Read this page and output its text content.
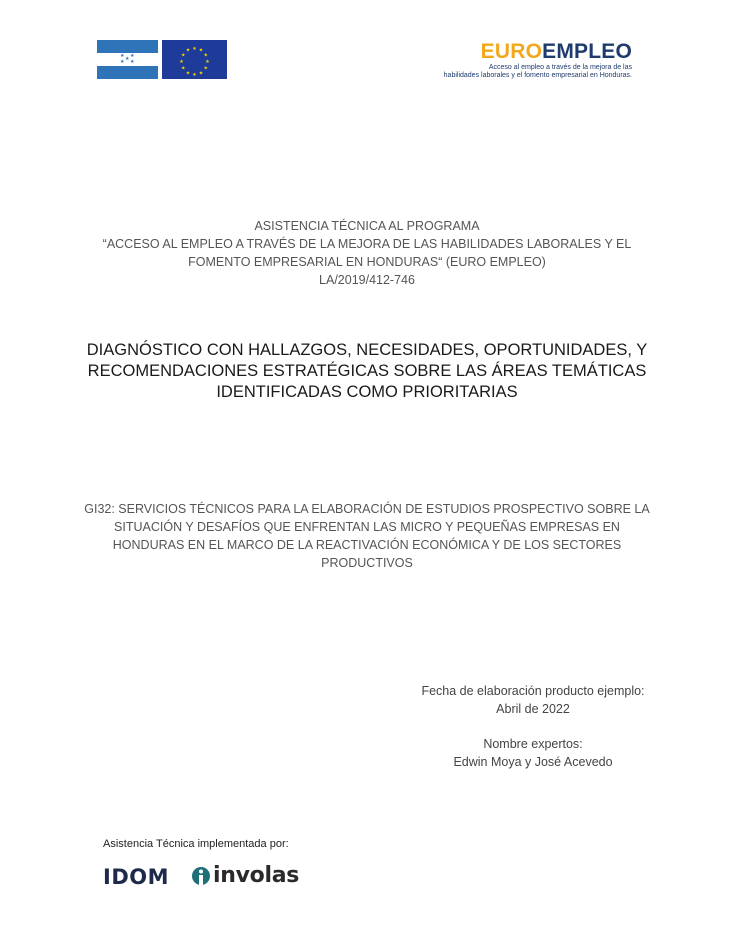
★ ★
★
★ ★
★ ★
★
★
★
★
★
★
★
★
★
★	EUROEMPLEO
Acceso al empleo a través de la mejora de las
habilidades laborales y el fomento empresarial en Honduras.
ASISTENCIA TÉCNICA AL PROGRAMA
“ACCESO AL EMPLEO A TRAVÉS DE LA MEJORA DE LAS HABILIDADES LABORALES Y EL
FOMENTO EMPRESARIAL EN HONDURAS“ (EURO EMPLEO)
LA/2019/412-746
DIAGNÓSTICO CON HALLAZGOS, NECESIDADES, OPORTUNIDADES, Y
RECOMENDACIONES ESTRATÉGICAS SOBRE LAS ÁREAS TEMÁTICAS
IDENTIFICADAS COMO PRIORITARIAS
GI32: SERVICIOS TÉCNICOS PARA LA ELABORACIÓN DE ESTUDIOS PROSPECTIVO SOBRE LA
SITUACIÓN Y DESAFÍOS QUE ENFRENTAN LAS MICRO Y PEQUEÑAS EMPRESAS EN
HONDURAS EN EL MARCO DE LA REACTIVACIÓN ECONÓMICA Y DE LOS SECTORES
PRODUCTIVOS
Fecha de elaboración producto ejemplo:
Abril de 2022
Nombre expertos:
Edwin Moya y José Acevedo
Asistencia Técnica implementada por:
IDOM involas
